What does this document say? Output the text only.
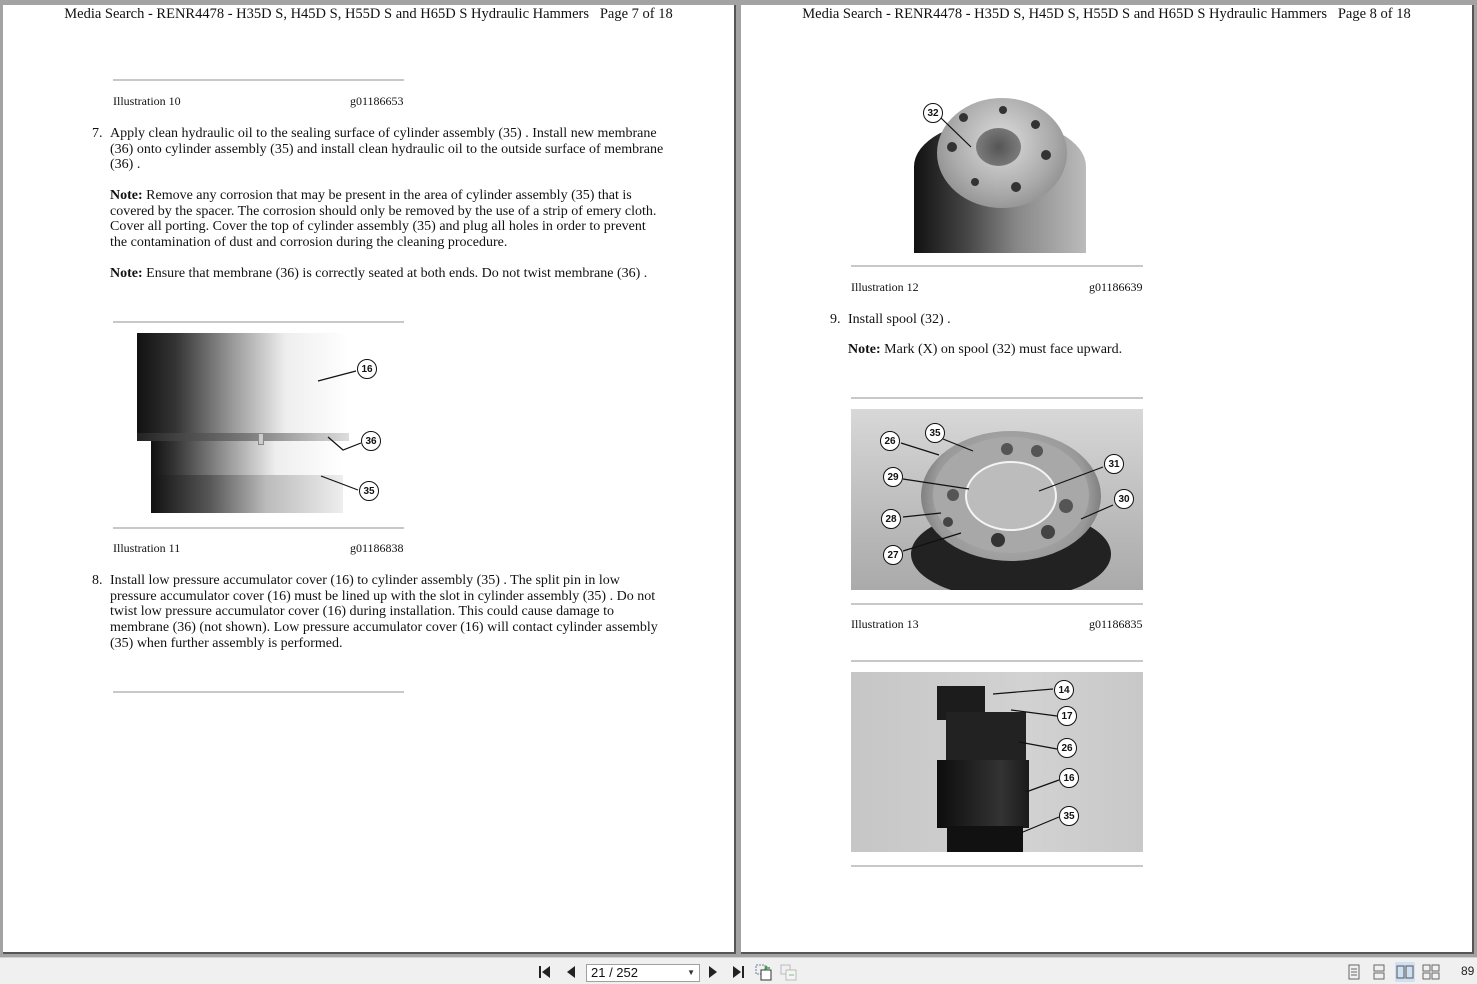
Media Search - RENR4478 - H35D S, H45D S, H55D S and H65D S Hydraulic Hammers   Page 7 of 18
Illustration 10	g01186653
7. Apply clean hydraulic oil to the sealing surface of cylinder assembly (35) . Install new membrane (36) onto cylinder assembly (35) and install clean hydraulic oil to the outside surface of membrane (36) .
Note: Remove any corrosion that may be present in the area of cylinder assembly (35) that is covered by the spacer. The corrosion should only be removed by the use of a strip of emery cloth. Cover all porting. Cover the top of cylinder assembly (35) and plug all holes in order to prevent the contamination of dust and corrosion during the cleaning procedure.
Note: Ensure that membrane (36) is correctly seated at both ends. Do not twist membrane (36) .
16
36
35
Illustration 11	g01186838
8. Install low pressure accumulator cover (16) to cylinder assembly (35) . The split pin in low pressure accumulator cover (16) must be lined up with the slot in cylinder assembly (35) . Do not twist low pressure accumulator cover (16) during installation. This could cause damage to membrane (36) (not shown). Low pressure accumulator cover (16) will contact cylinder assembly (35) when further assembly is performed.
Media Search - RENR4478 - H35D S, H45D S, H55D S and H65D S Hydraulic Hammers   Page 8 of 18
32
Illustration 12	g01186639
9. Install spool (32) .
Note: Mark (X) on spool (32) must face upward.
26
35
29
31
30
28
27
Illustration 13	g01186835
14
17
26
16
35
21 / 252	▼	89
